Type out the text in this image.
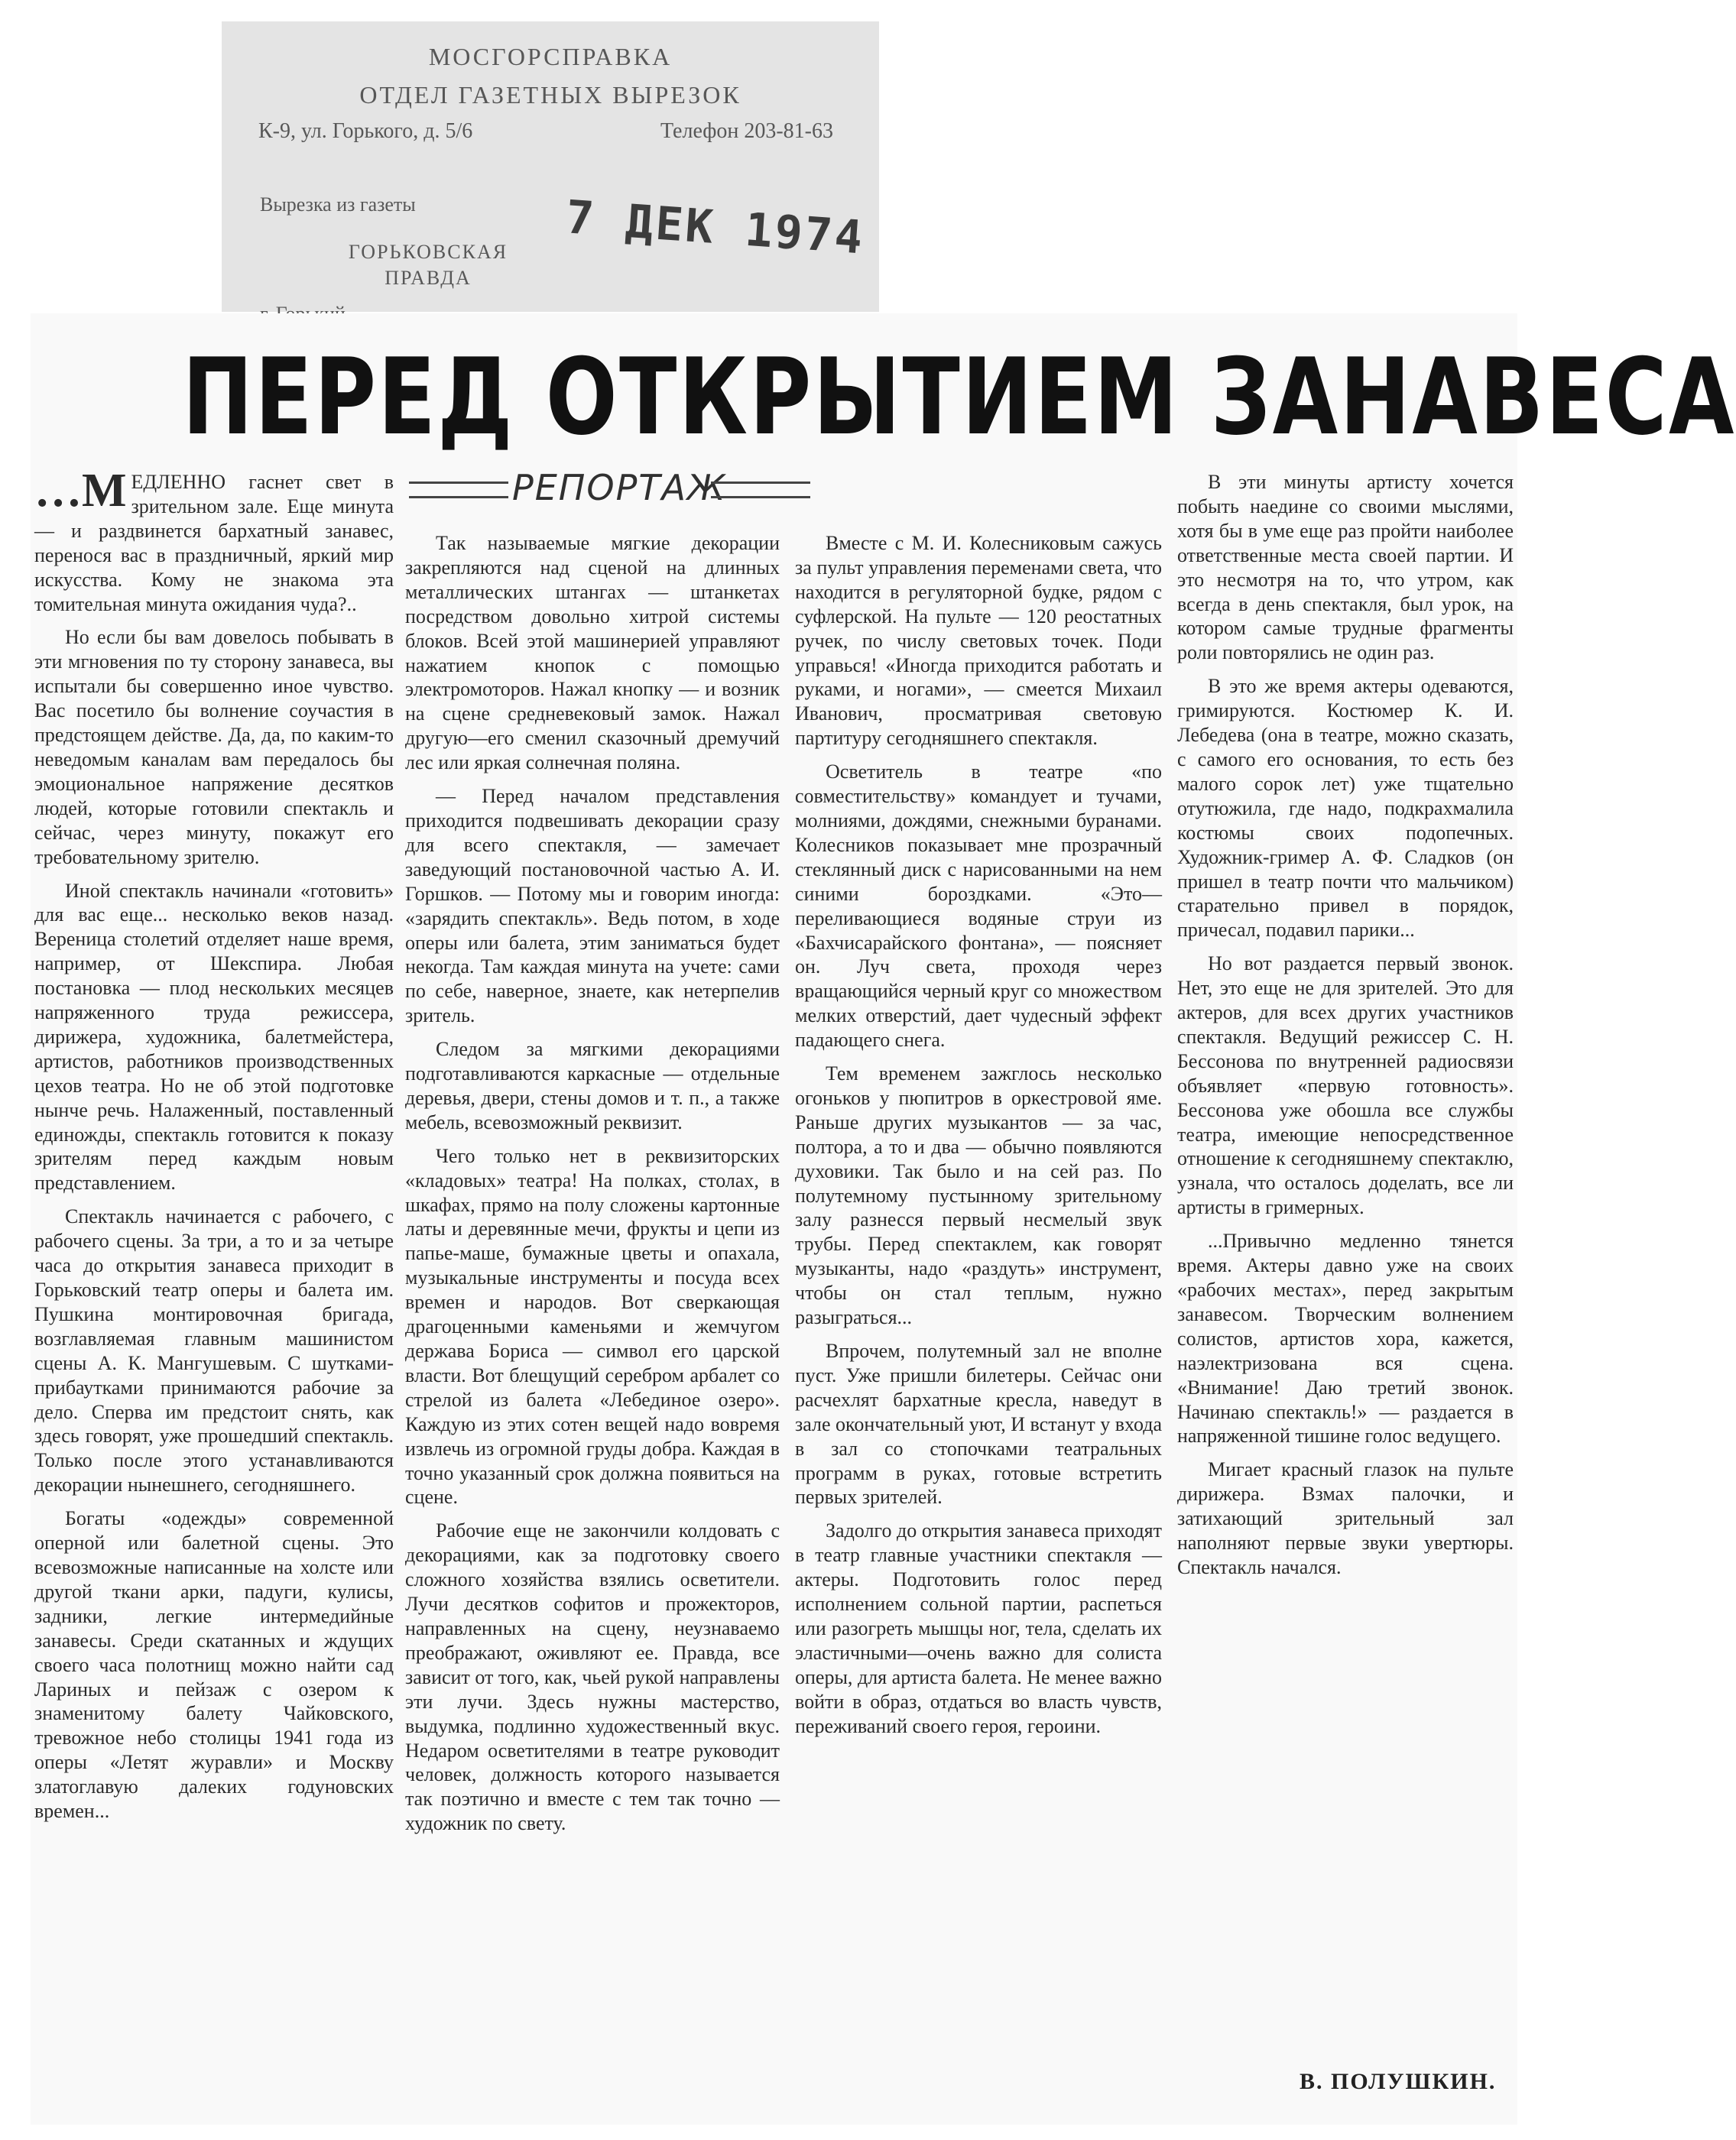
МОСГОРСПРАВКА
ОТДЕЛ ГАЗЕТНЫХ ВЫРЕЗОК
К-9, ул. Горького, д. 5/6	Телефон 203-81-63
Вырезка из газеты
ГОРЬКОВСКАЯ ПРАВДА
7 ДЕК 1974
ПЕРЕД ОТКРЫТИЕМ ЗАНАВЕСА
РЕПОРТАЖ

…М ЕДЛЕННО гаснет свет в зрительном зале. Еще минута — и раздвинется бархатный занавес, перенося вас в праздничный, яркий мир искусства. Кому не знакома эта томительная минута ожидания чуда?..

Но если бы вам довелось побывать в эти мгновения по ту сторону занавеса, вы испытали бы совершенно иное чувство. Вас посетило бы волнение соучастия в предстоящем действе. Да, да, по каким-то неведомым каналам вам передалось бы эмоциональное напряжение десятков людей, которые готовили спектакль и сейчас, через минуту, покажут его требовательному зрителю.

Иной спектакль начинали «готовить» для вас еще... несколько веков назад. Вереница столетий отделяет наше время, например, от Шекспира. Любая постановка — плод нескольких месяцев напряженного труда режиссера, дирижера, художника, балетмейстера, артистов, работников производственных цехов театра. Но не об этой подготовке нынче речь. Налаженный, поставленный единожды, спектакль готовится к показу зрителям перед каждым новым представлением.

Спектакль начинается с рабочего, с рабочего сцены. За три, а то и за четыре часа до открытия занавеса приходит в Горьковский театр оперы и балета им. Пушкина монтировочная бригада, возглавляемая главным машинистом сцены А. К. Мангушевым. С шутками-прибаутками принимаются рабочие за дело. Сперва им предстоит снять, как здесь говорят, уже прошедший спектакль. Только после этого устанавливаются декорации нынешнего, сегодняшнего.

Богаты «одежды» современной оперной или балетной сцены. Это всевозможные написанные на холсте или другой ткани арки, падуги, кулисы, задники, легкие интермедийные занавесы. Среди скатанных и ждущих своего часа полотнищ можно найти сад Лариных и пейзаж с озером к знаменитому балету Чайковского, тревожное небо столицы 1941 года из оперы «Летят журавли» и Москву златоглавую далеких годуновских времен...

Так называемые мягкие декорации закрепляются над сценой на длинных металлических штангах — штанкетах посредством довольно хитрой системы блоков. Всей этой машинерией управляют нажатием кнопок с помощью электромоторов. Нажал кнопку — и возник на сцене средневековый замок. Нажал другую—его сменил сказочный дремучий лес или яркая солнечная поляна.

— Перед началом представления приходится подвешивать декорации сразу для всего спектакля, — замечает заведующий постановочной частью А. И. Горшков. — Потому мы и говорим иногда: «зарядить спектакль». Ведь потом, в ходе оперы или балета, этим заниматься будет некогда. Там каждая минута на учете: сами по себе, наверное, знаете, как нетерпелив зритель.

Следом за мягкими декорациями подготавливаются каркасные — отдельные деревья, двери, стены домов и т. п., а также мебель, всевозможный реквизит.

Чего только нет в реквизиторских «кладовых» театра! На полках, столах, в шкафах, прямо на полу сложены картонные латы и деревянные мечи, фрукты и цепи из папье-маше, бумажные цветы и опахала, музыкальные инструменты и посуда всех времен и народов. Вот сверкающая драгоценными каменьями и жемчугом держава Бориса — символ его царской власти. Вот блещущий серебром арбалет со стрелой из балета «Лебединое озеро». Каждую из этих сотен вещей надо вовремя извлечь из огромной груды добра. Каждая в точно указанный срок должна появиться на сцене.

Рабочие еще не закончили колдовать с декорациями, как за подготовку своего сложного хозяйства взялись осветители. Лучи десятков софитов и прожекторов, направленных на сцену, неузнаваемо преображают, оживляют ее. Правда, все зависит от того, как, чьей рукой направлены эти лучи. Здесь нужны мастерство, выдумка, подлинно художественный вкус. Недаром осветителями в театре руководит человек, должность которого называется так поэтично и вместе с тем так точно — художник по свету.

Вместе с М. И. Колесниковым сажусь за пульт управления переменами света, что находится в регуляторной будке, рядом с суфлерской. На пульте — 120 реостатных ручек, по числу световых точек. Поди управься! «Иногда приходится работать и руками, и ногами», — смеется Михаил Иванович, просматривая световую партитуру сегодняшнего спектакля.

Осветитель в театре «по совместительству» командует и тучами, молниями, дождями, снежными буранами. Колесников показывает мне прозрачный стеклянный диск с нарисованными на нем синими бороздками. «Это—переливающиеся водяные струи из «Бахчисарайского фонтана», — поясняет он. Луч света, проходя через вращающийся черный круг со множеством мелких отверстий, дает чудесный эффект падающего снега.

Тем временем зажглось несколько огоньков у пюпитров в оркестровой яме. Раньше других музыкантов — за час, полтора, а то и два — обычно появляются духовики. Так было и на сей раз. По полутемному пустынному зрительному залу разнесся первый несмелый звук трубы. Перед спектаклем, как говорят музыканты, надо «раздуть» инструмент, чтобы он стал теплым, нужно разыграться...

Впрочем, полутемный зал не вполне пуст. Уже пришли билетеры. Сейчас они расчехлят бархатные кресла, наведут в зале окончательный уют, И встанут у входа в зал со стопочками театральных программ в руках, готовые встретить первых зрителей.

Задолго до открытия занавеса приходят в театр главные участники спектакля — актеры. Подготовить голос перед исполнением сольной партии, распеться или разогреть мышцы ног, тела, сделать их эластичными—очень важно для солиста оперы, для артиста балета. Не менее важно войти в образ, отдаться во власть чувств, переживаний своего героя, героини.

В эти минуты артисту хочется побыть наедине со своими мыслями, хотя бы в уме еще раз пройти наиболее ответственные места своей партии. И это несмотря на то, что утром, как всегда в день спектакля, был урок, на котором самые трудные фрагменты роли повторялись не один раз.

В это же время актеры одеваются, гримируются. Костюмер К. И. Лебедева (она в театре, можно сказать, с самого его основания, то есть без малого сорок лет) уже тщательно отутюжила, где надо, подкрахмалила костюмы своих подопечных. Художник-гример А. Ф. Сладков (он пришел в театр почти что мальчиком) старательно привел в порядок, причесал, подавил парики...

Но вот раздается первый звонок. Нет, это еще не для зрителей. Это для актеров, для всех других участников спектакля. Ведущий режиссер С. Н. Бессонова по внутренней радиосвязи объявляет «первую готовность». Бессонова уже обошла все службы театра, имеющие непосредственное отношение к сегодняшнему спектаклю, узнала, что осталось доделать, все ли артисты в гримерных.

...Привычно медленно тянется время. Актеры давно уже на своих «рабочих местах», перед закрытым занавесом. Творческим волнением солистов, артистов хора, кажется, наэлектризована вся сцена. «Внимание! Даю третий звонок. Начинаю спектакль!» — раздается в напряженной тишине голос ведущего.

Мигает красный глазок на пульте дирижера. Взмах палочки, и затихающий зрительный зал наполняют первые звуки увертюры. Спектакль начался.

В. ПОЛУШКИН.
